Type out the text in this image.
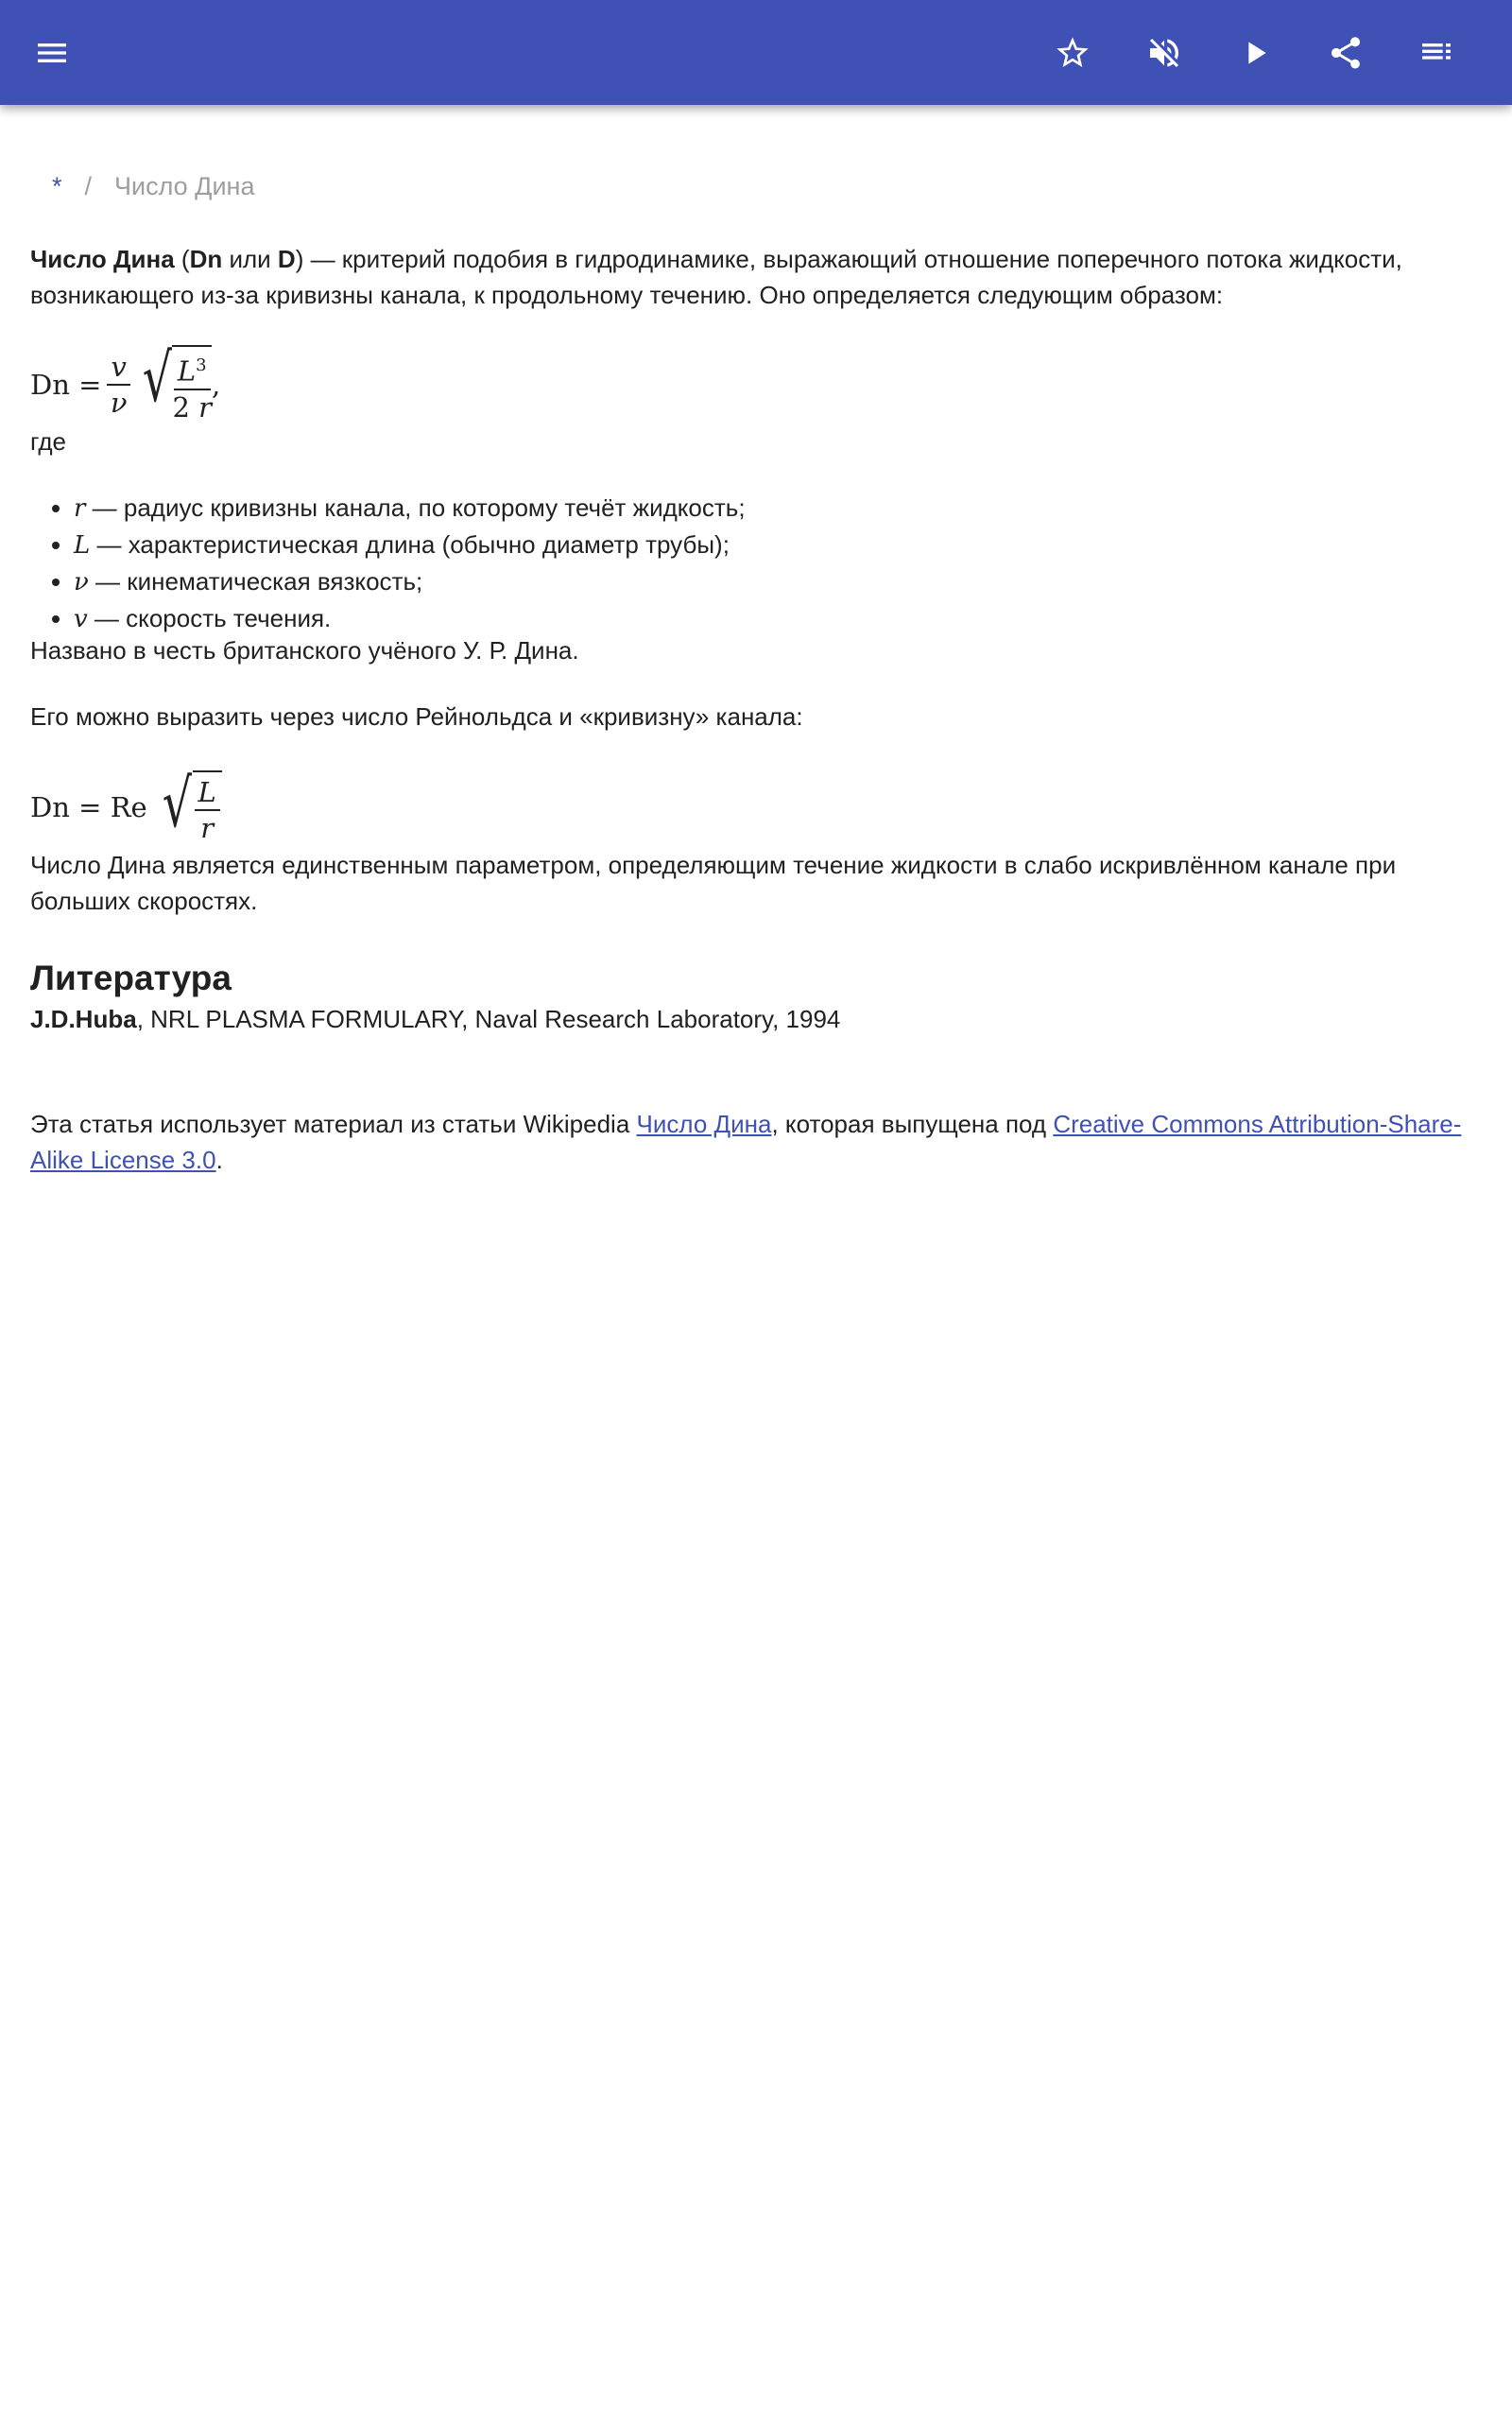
* / Число Дина
Число Дина (Dn или D) — критерий подобия в гидродинамике, выражающий отношение поперечного потока жидкости, возникающего из-за кривизны канала, к продольному течению. Оно определяется следующим образом:
Dn
= $\frac{v}{\nu}$ √ $\frac{L^3}{2 r}$ ,
где
• r — радиус кривизны канала, по которому течёт жидкость;
• L — характеристическая длина (обычно диаметр трубы);
• ν — кинематическая вязкость;
• v — скорость течения.
Названо в честь британского учёного У. Р. Дина.
Его можно выразить через число Рейнольдса и «кривизну» канала:
Dn
=
Re
√ $\frac{L}{r}$
Число Дина является единственным параметром, определяющим течение жидкости в слабо искривлённом канале при больших скоростях.
Литература
J.D.Huba, NRL PLASMA FORMULARY, Naval Research Laboratory, 1994
Эта статья использует материал из статьи Wikipedia Число Дина, которая выпущена под Creative Commons Attribution-Share-Alike License 3.0.
